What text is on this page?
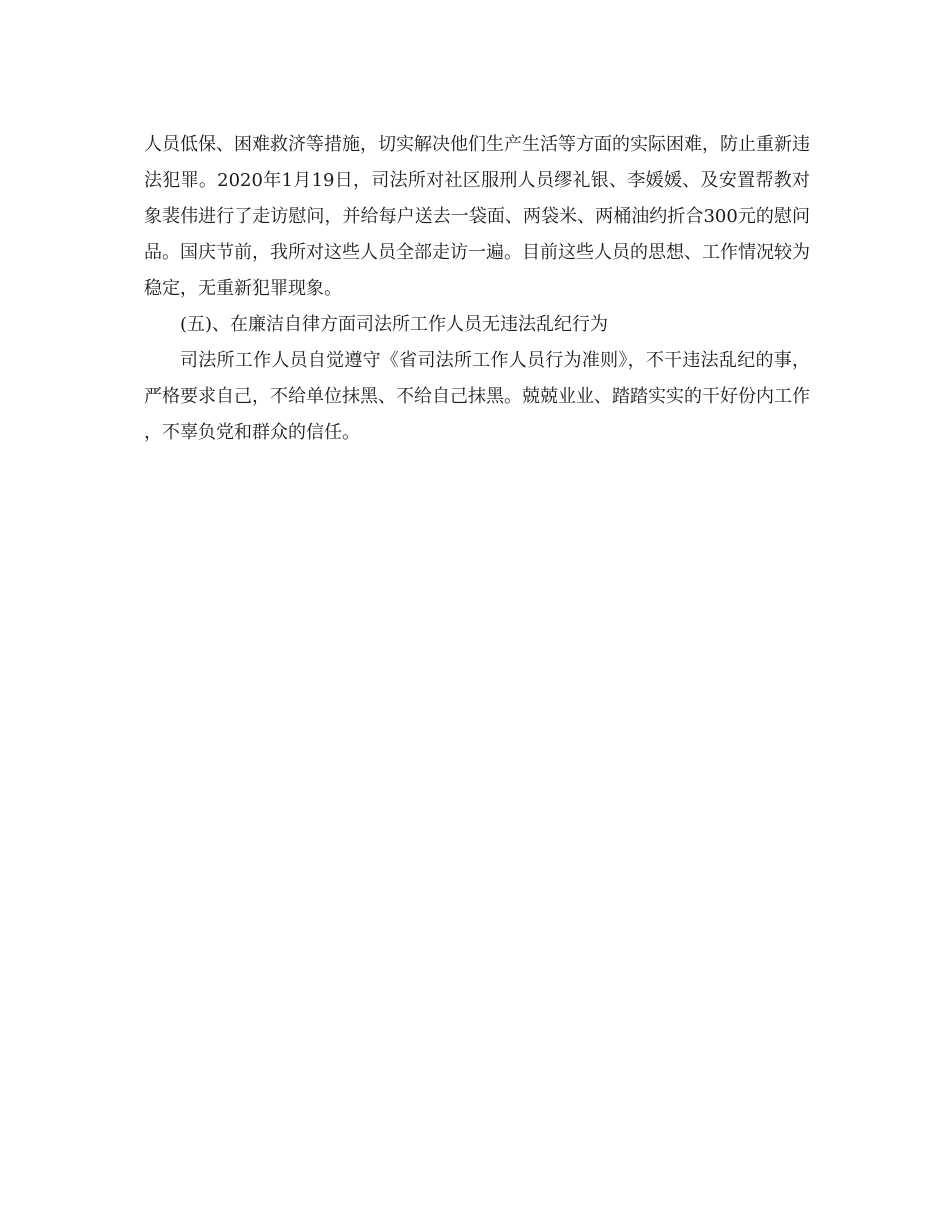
人员低保、困难救济等措施，切实解决他们生产生活等方面的实际困难，防止重新违法犯罪。2020年1月19日，司法所对社区服刑人员缪礼银、李媛媛、及安置帮教对象裴伟进行了走访慰问，并给每户送去一袋面、两袋米、两桶油约折合300元的慰问品。国庆节前，我所对这些人员全部走访一遍。目前这些人员的思想、工作情况较为稳定，无重新犯罪现象。

(五)、在廉洁自律方面司法所工作人员无违法乱纪行为

司法所工作人员自觉遵守《省司法所工作人员行为准则》，不干违法乱纪的事，严格要求自己，不给单位抹黑、不给自己抹黑。兢兢业业、踏踏实实的干好份内工作，不辜负党和群众的信任。
